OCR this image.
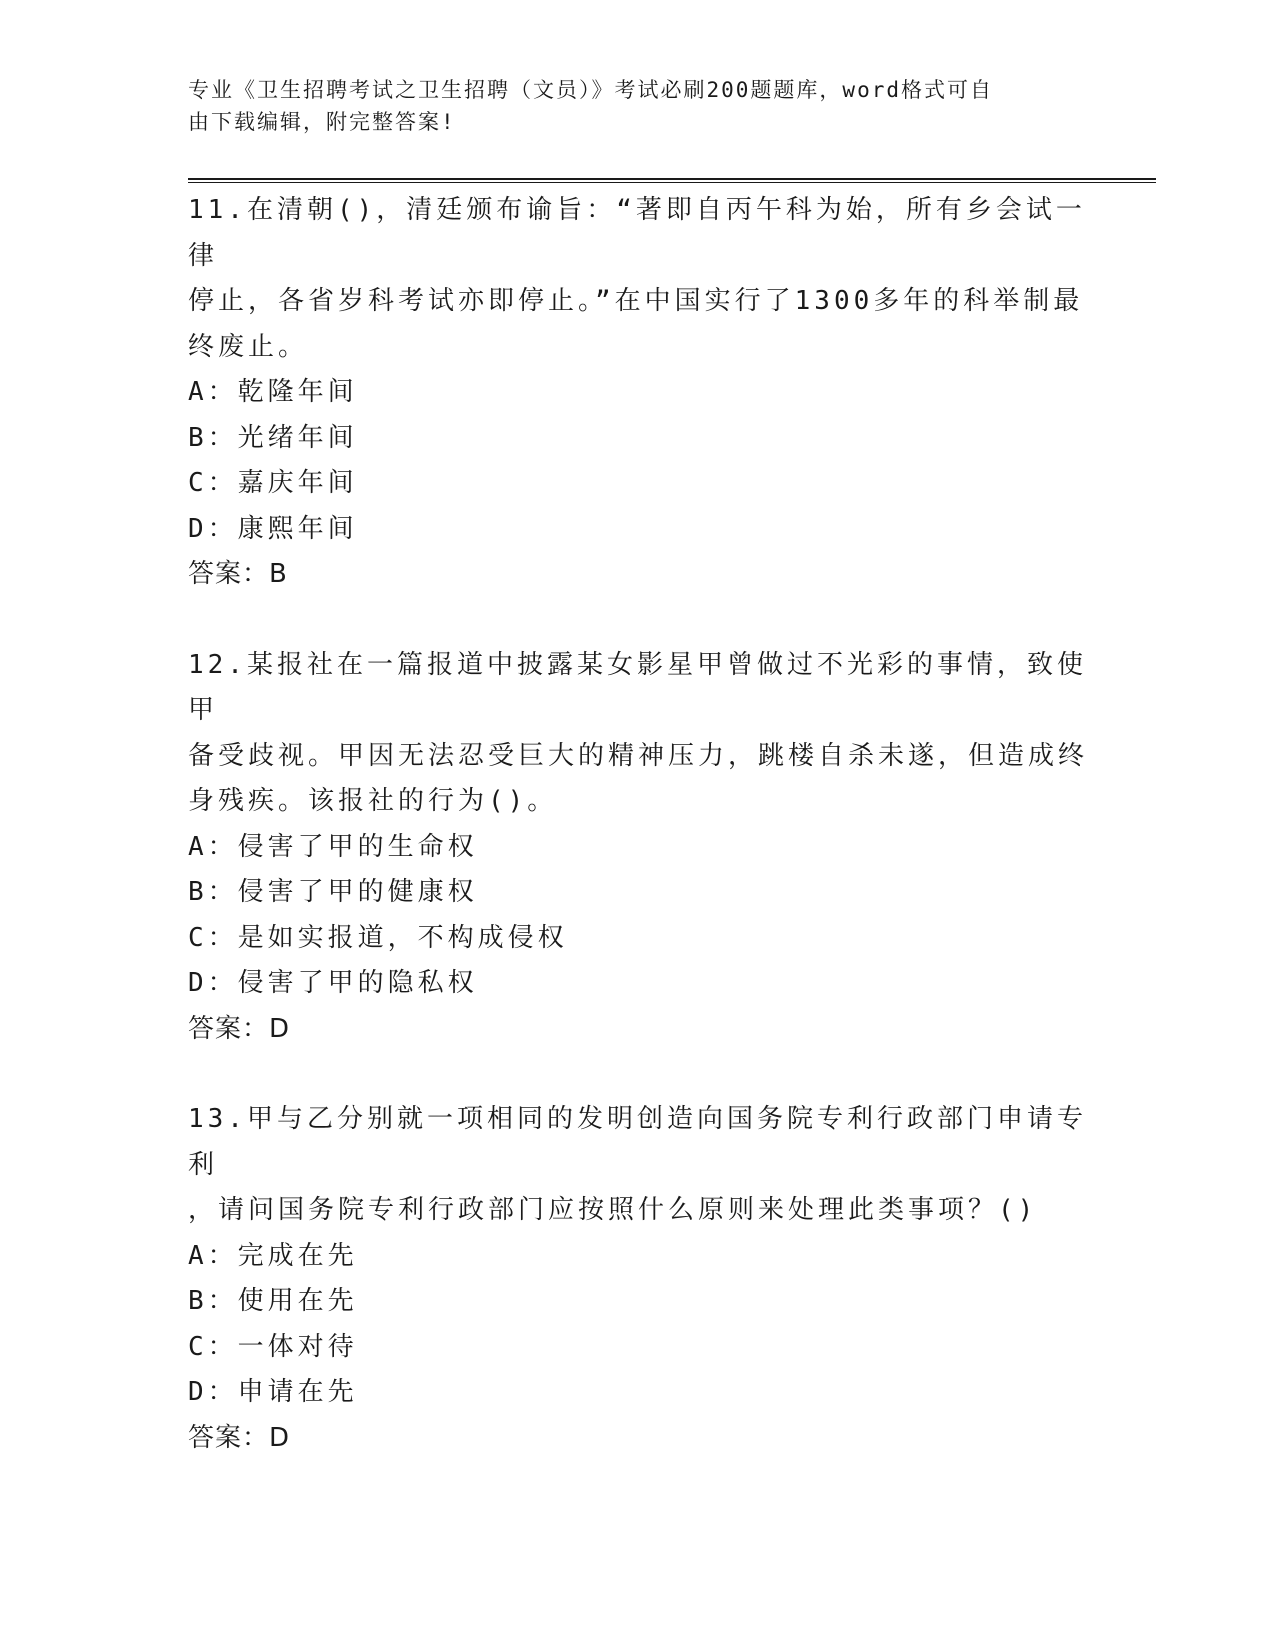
专业《卫生招聘考试之卫生招聘（文员）》考试必刷200题题库，word格式可自
由下载编辑，附完整答案!

11.在清朝()，清廷颁布谕旨：“著即自丙午科为始，所有乡会试一律

停止，各省岁科考试亦即停止。”在中国实行了1300多年的科举制最

终废止。

A：乾隆年间

B：光绪年间

C：嘉庆年间

D：康熙年间

答案：B

12.某报社在一篇报道中披露某女影星甲曾做过不光彩的事情，致使甲

备受歧视。甲因无法忍受巨大的精神压力，跳楼自杀未遂，但造成终

身残疾。该报社的行为()。

A：侵害了甲的生命权

B：侵害了甲的健康权

C：是如实报道，不构成侵权

D：侵害了甲的隐私权

答案：D

13.甲与乙分别就一项相同的发明创造向国务院专利行政部门申请专利

，请问国务院专利行政部门应按照什么原则来处理此类事项？()

A：完成在先

B：使用在先

C：一体对待

D：申请在先

答案：D
